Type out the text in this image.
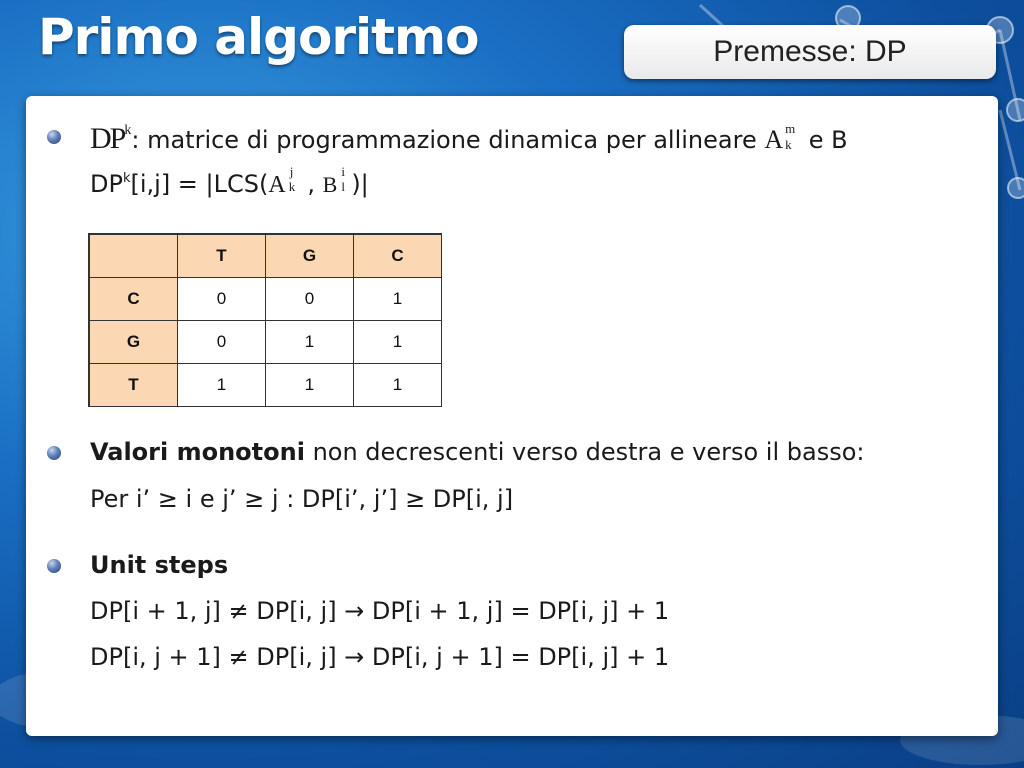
Primo algoritmo	Premesse: DP
$DP^k$: matrice di programmazione dinamica per allineare A m
k e B
$DP^k[i,j] = |LCS(A$
j
k , B
i
l )|
	T	G	C
C	0	0	1
G	0	1	1
T	1	1	1
Valori monotoni non decrescenti verso destra e verso il basso:
Per i’ ≥ i e j’ ≥ j : DP[i’, j’] ≥ DP[i, j]
Unit steps
DP[i + 1, j] ≠ DP[i, j] → DP[i + 1, j] = DP[i, j] + 1
DP[i, j + 1] ≠ DP[i, j] → DP[i, j + 1] = DP[i, j] + 1
